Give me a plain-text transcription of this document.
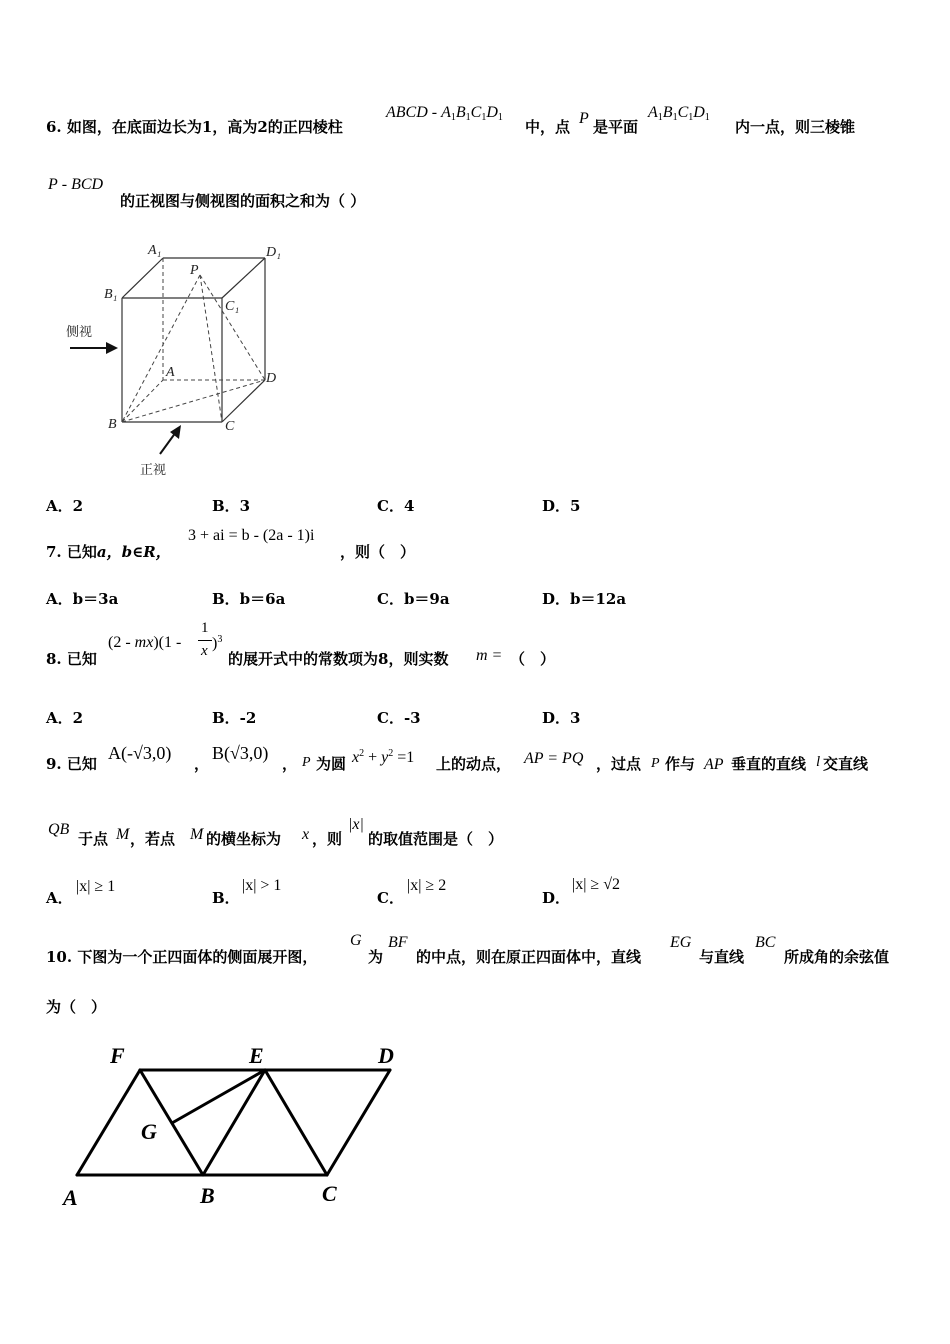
6. 如图，在底面边长为1，高为2的正四棱柱
ABCD - $A_1B_1C_1D_1$
中，点 P 是平面
$A_1B_1C_1D_1$
内一点，则三棱锥
P - BCD
的正视图与侧视图的面积之和为（ ）
A₁	D₁
B₁
C₁
P
A	D
B	C
侧视
正视
A．2	B．3	C．4	D．5
7. 已知a，b∈R，
3 + ai = b - (2a - 1)i
，则（　）
A．b＝3a	B．b＝6a	C．b＝9a	D．b＝12a
8. 已知
(2 - mx)(1 -
1
x )$^3$
的展开式中的常数项为8，则实数 m = （　）
A．2	B．-2	C．-3	D．3
9. 已知
A(-√3,0)
，
B(√3,0)
， P 为圆 $x^2 + y^2 =1$ 上的动点， AP = PQ ，过点 P 作与 AP 垂直的直线 l 交直线
QB
于点 M ，若点 M 的横坐标为 x ，则
|x|
的取值范围是（　）
A．
|x| ≥ 1
B．
|x| > 1
C．
|x| ≥ 2
D．
|x| ≥ √2
10. 下图为一个正四面体的侧面展开图，
G
为
BF
的中点，则在原正四面体中，直线
EG
与直线
BC
所成角的余弦值
为（　）
F	E	D
G
A	B	C
